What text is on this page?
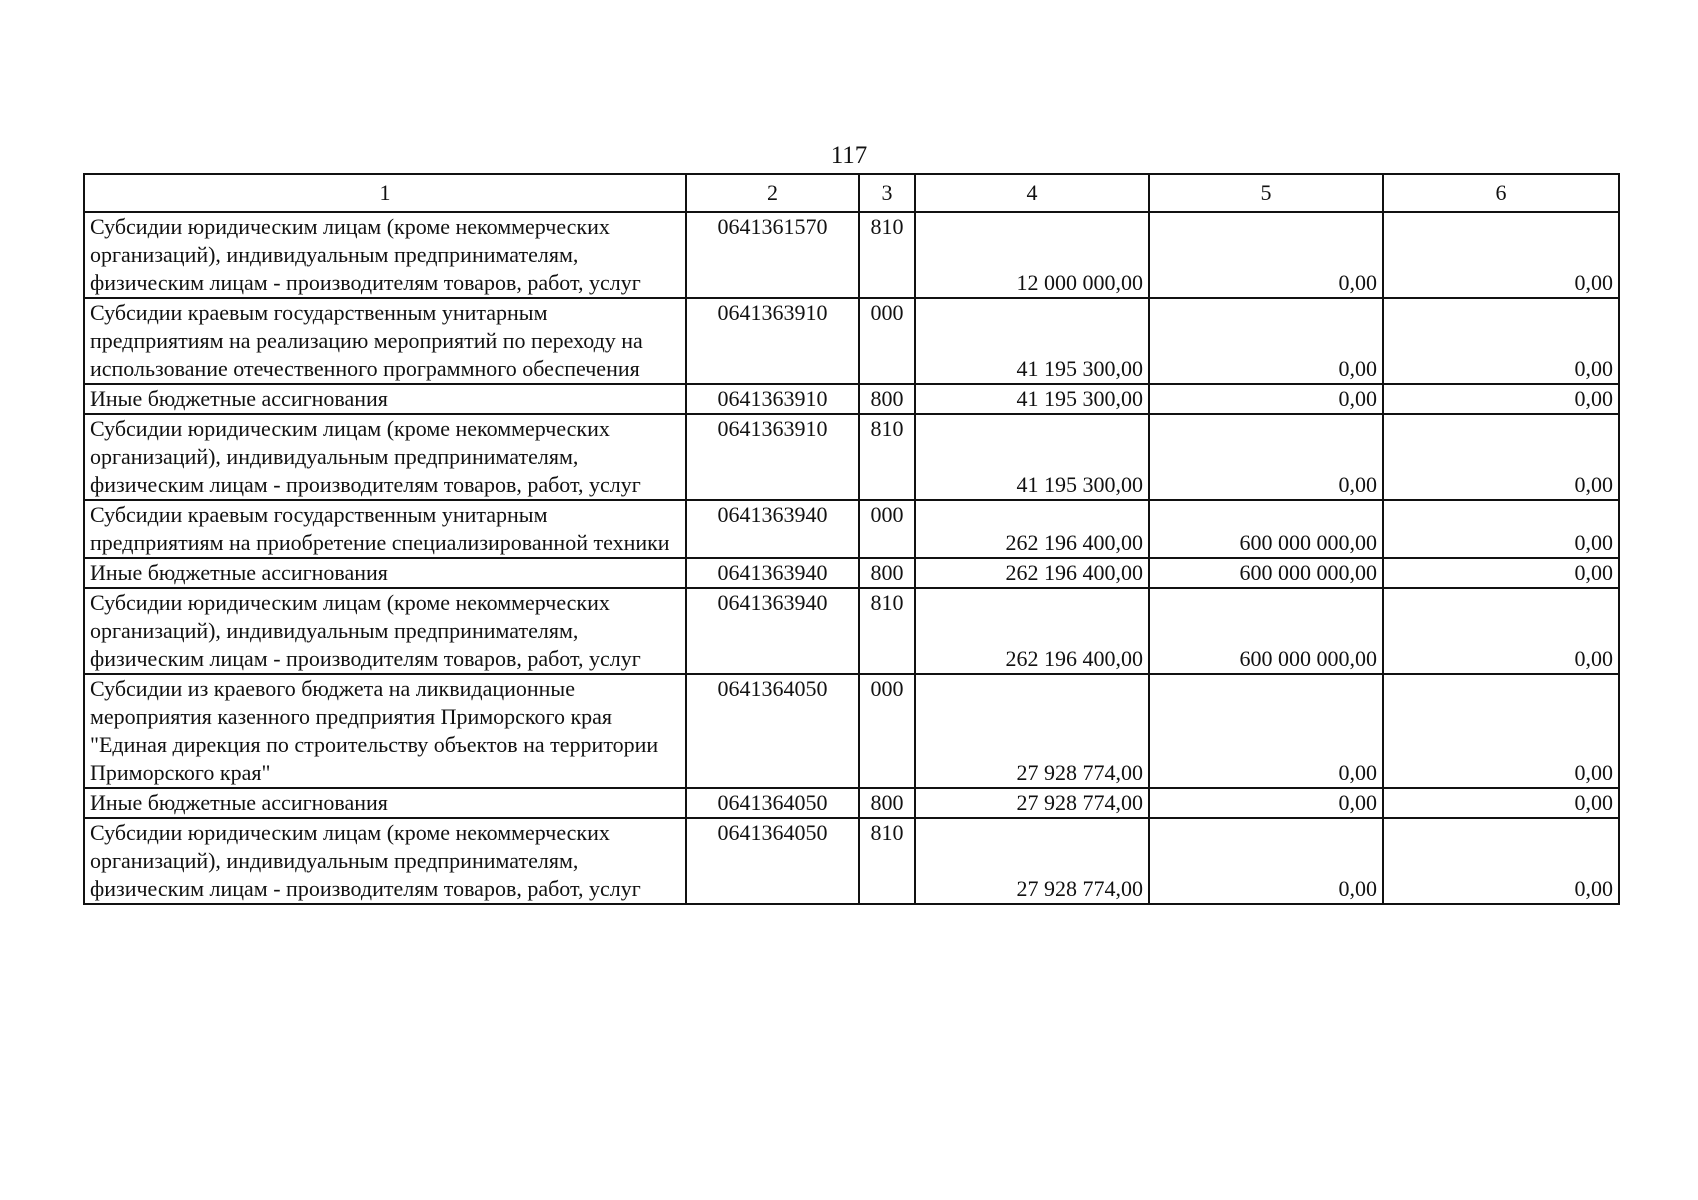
117
1	2	3	4	5	6
Субсидии юридическим лицам (кроме некоммерческих организаций), индивидуальным предпринимателям, физическим лицам - производителям товаров, работ, услуг	0641361570	810	12 000 000,00	0,00	0,00
Субсидии краевым государственным унитарным предприятиям на реализацию мероприятий по переходу на использование отечественного программного обеспечения	0641363910	000	41 195 300,00	0,00	0,00
Иные бюджетные ассигнования	0641363910	800	41 195 300,00	0,00	0,00
Субсидии юридическим лицам (кроме некоммерческих организаций), индивидуальным предпринимателям, физическим лицам - производителям товаров, работ, услуг	0641363910	810	41 195 300,00	0,00	0,00
Субсидии краевым государственным унитарным предприятиям на приобретение специализированной техники	0641363940	000	262 196 400,00	600 000 000,00	0,00
Иные бюджетные ассигнования	0641363940	800	262 196 400,00	600 000 000,00	0,00
Субсидии юридическим лицам (кроме некоммерческих организаций), индивидуальным предпринимателям, физическим лицам - производителям товаров, работ, услуг	0641363940	810	262 196 400,00	600 000 000,00	0,00
Субсидии из краевого бюджета на ликвидационные мероприятия казенного предприятия Приморского края "Единая дирекция по строительству объектов на территории Приморского края"	0641364050	000	27 928 774,00	0,00	0,00
Иные бюджетные ассигнования	0641364050	800	27 928 774,00	0,00	0,00
Субсидии юридическим лицам (кроме некоммерческих организаций), индивидуальным предпринимателям, физическим лицам - производителям товаров, работ, услуг	0641364050	810	27 928 774,00	0,00	0,00
